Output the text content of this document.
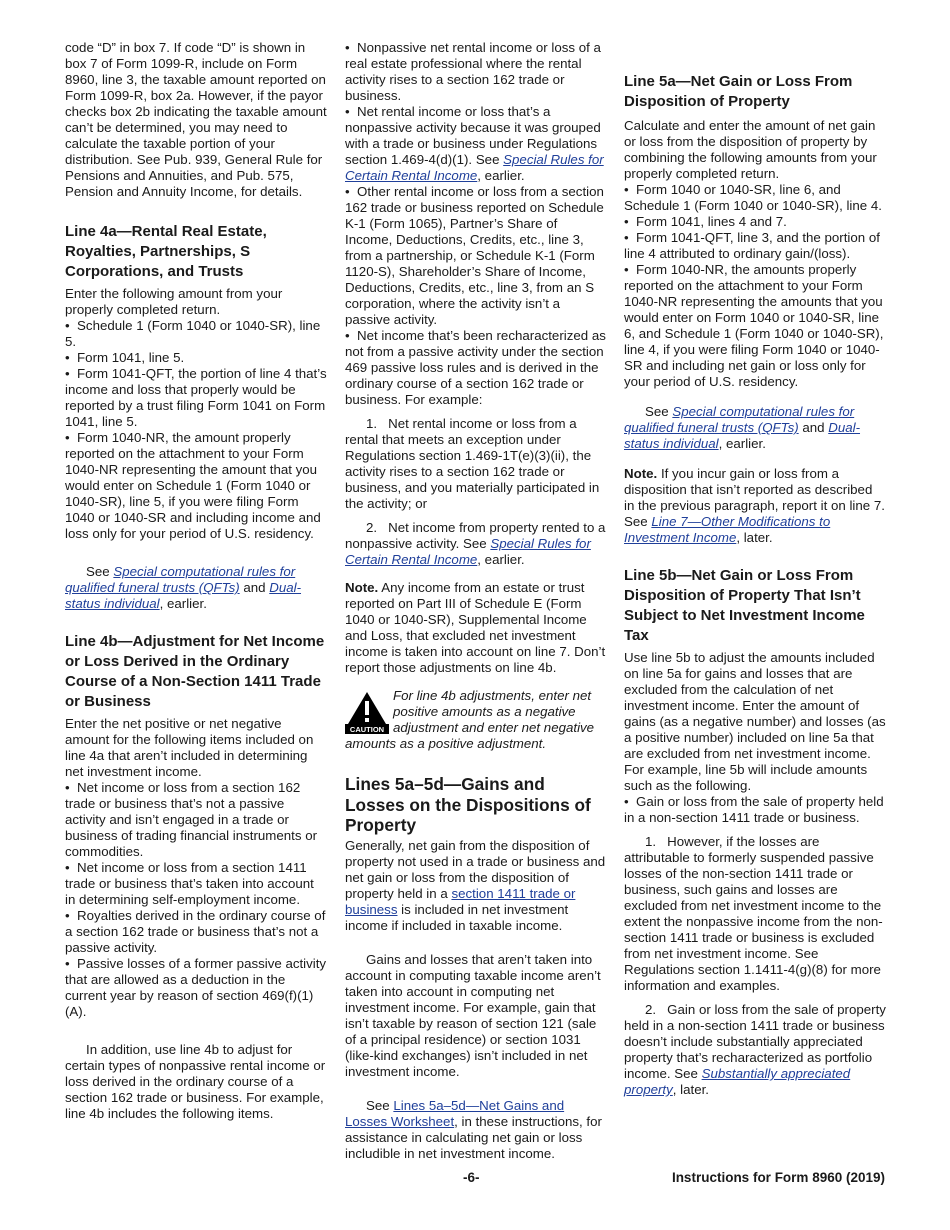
code “D” in box 7. If code “D” is shown in box 7 of Form 1099-R, include on Form 8960, line 3, the taxable amount reported on Form 1099-R, box 2a. However, if the payor checks box 2b indicating the taxable amount can’t be determined, you may need to calculate the taxable portion of your distribution. See Pub. 939, General Rule for Pensions and Annuities, and Pub. 575, Pension and Annuity Income, for details.

Line 4a—Rental Real Estate, Royalties, Partnerships, S Corporations, and Trusts

Enter the following amount from your properly completed return.

•  Schedule 1 (Form 1040 or 1040-SR), line 5.

•  Form 1041, line 5.

•  Form 1041-QFT, the portion of line 4 that’s income and loss that properly would be reported by a trust filing Form 1041 on Form 1041, line 5.

•  Form 1040-NR, the amount properly reported on the attachment to your Form 1040-NR representing the amount that you would enter on Schedule 1 (Form 1040 or 1040-SR), line 5, if you were filing Form 1040 or 1040-SR and including income and loss only for your period of U.S. residency.

See Special computational rules for qualified funeral trusts (QFTs) and Dual-status individual, earlier.

Line 4b—Adjustment for Net Income or Loss Derived in the Ordinary Course of a Non-Section 1411 Trade or Business

Enter the net positive or net negative amount for the following items included on line 4a that aren’t included in determining net investment income.

•  Net income or loss from a section 162 trade or business that’s not a passive activity and isn’t engaged in a trade or business of trading financial instruments or commodities.

•  Net income or loss from a section 1411 trade or business that’s taken into account in determining self-employment income.

•  Royalties derived in the ordinary course of a section 162 trade or business that’s not a passive activity.

•  Passive losses of a former passive activity that are allowed as a deduction in the current year by reason of section 469(f)(1)(A).

In addition, use line 4b to adjust for certain types of nonpassive rental income or loss derived in the ordinary course of a section 162 trade or business. For example, line 4b includes the following items.

•  Nonpassive net rental income or loss of a real estate professional where the rental activity rises to a section 162 trade or business.

•  Net rental income or loss that’s a nonpassive activity because it was grouped with a trade or business under Regulations section 1.469-4(d)(1). See Special Rules for Certain Rental Income, earlier.

•  Other rental income or loss from a section 162 trade or business reported on Schedule K-1 (Form 1065), Partner’s Share of Income, Deductions, Credits, etc., line 3, from a partnership, or Schedule K-1 (Form 1120-S), Shareholder’s Share of Income, Deductions, Credits, etc., line 3, from an S corporation, where the activity isn’t a passive activity.

•  Net income that’s been recharacterized as not from a passive activity under the section 469 passive loss rules and is derived in the ordinary course of a section 162 trade or business. For example:

1.   Net rental income or loss from a rental that meets an exception under Regulations section 1.469-1T(e)(3)(ii), the activity rises to a section 162 trade or business, and you materially participated in the activity; or

2.   Net income from property rented to a nonpassive activity. See Special Rules for Certain Rental Income, earlier.

Note. Any income from an estate or trust reported on Part III of Schedule E (Form 1040 or 1040-SR), Supplemental Income and Loss, that excluded net investment income is taken into account on line 7. Don’t report those adjustments on line 4b.

CAUTION
For line 4b adjustments, enter net positive amounts as a negative adjustment and enter net negative amounts as a positive adjustment.

Lines 5a–5d—Gains and Losses on the Dispositions of Property

Generally, net gain from the disposition of property not used in a trade or business and net gain or loss from the disposition of property held in a section 1411 trade or business is included in net investment income if included in taxable income.

Gains and losses that aren’t taken into account in computing taxable income aren’t taken into account in computing net investment income. For example, gain that isn’t taxable by reason of section 121 (sale of a principal residence) or section 1031 (like-kind exchanges) isn’t included in net investment income.

See Lines 5a–5d—Net Gains and Losses Worksheet, in these instructions, for assistance in calculating net gain or loss includible in net investment income.

Line 5a—Net Gain or Loss From Disposition of Property

Calculate and enter the amount of net gain or loss from the disposition of property by combining the following amounts from your properly completed return.

•  Form 1040 or 1040-SR, line 6, and Schedule 1 (Form 1040 or 1040-SR), line 4.

•  Form 1041, lines 4 and 7.

•  Form 1041-QFT, line 3, and the portion of line 4 attributed to ordinary gain/(loss).

•  Form 1040-NR, the amounts properly reported on the attachment to your Form 1040-NR representing the amounts that you would enter on Form 1040 or 1040-SR, line 6, and Schedule 1 (Form 1040 or 1040-SR), line 4, if you were filing Form 1040 or 1040-SR and including net gain or loss only for your period of U.S. residency.

See Special computational rules for qualified funeral trusts (QFTs) and Dual-status individual, earlier.

Note. If you incur gain or loss from a disposition that isn’t reported as described in the previous paragraph, report it on line 7. See Line 7—Other Modifications to Investment Income, later.

Line 5b—Net Gain or Loss From Disposition of Property That Isn’t Subject to Net Investment Income Tax

Use line 5b to adjust the amounts included on line 5a for gains and losses that are excluded from the calculation of net investment income. Enter the amount of gains (as a negative number) and losses (as a positive number) included on line 5a that are excluded from net investment income. For example, line 5b will include amounts such as the following.

•  Gain or loss from the sale of property held in a non-section 1411 trade or business.

1.   However, if the losses are attributable to formerly suspended passive losses of the non-section 1411 trade or business, such gains and losses are excluded from net investment income to the extent the nonpassive income from the non-section 1411 trade or business is excluded from net investment income. See Regulations section 1.1411-4(g)(8) for more information and examples.

2.   Gain or loss from the sale of property held in a non-section 1411 trade or business doesn’t include substantially appreciated property that’s recharacterized as portfolio income. See Substantially appreciated property, later.

-6-	Instructions for Form 8960 (2019)
